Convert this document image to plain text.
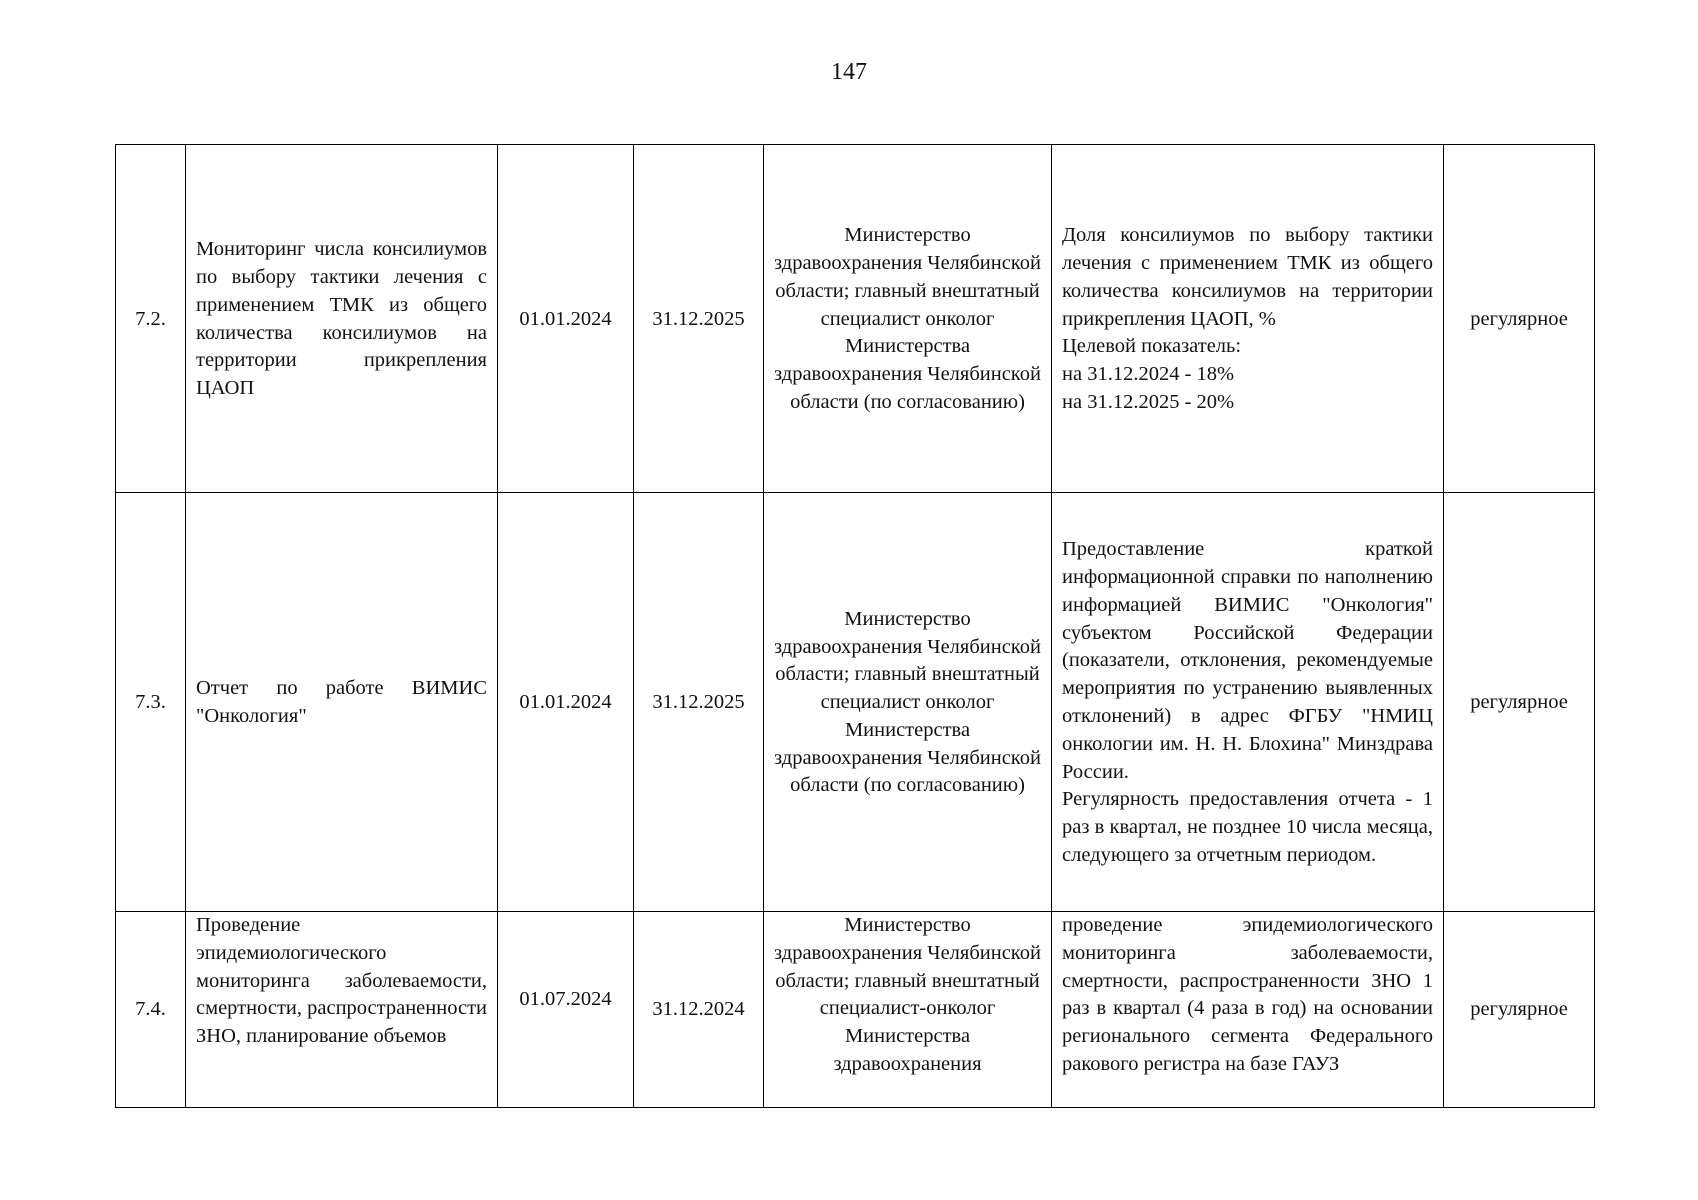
147
7.2.	Мониторинг числа консилиумов по выбору тактики лечения с применением ТМК из общего количества консилиумов на территории прикрепления ЦАОП	01.01.2024	31.12.2025	Министерство здравоохранения Челябинской области; главный внештатный специалист онколог Министерства здравоохранения Челябинской области (по согласованию)	Доля консилиумов по выбору тактики лечения с применением ТМК из общего количества консилиумов на территории прикрепления ЦАОП, %
Целевой показатель:
на 31.12.2024 - 18%
на 31.12.2025 - 20%	регулярное
7.3.	Отчет по работе ВИМИС "Онкология"	01.01.2024	31.12.2025	Министерство здравоохранения Челябинской области; главный внештатный специалист онколог Министерства здравоохранения Челябинской области (по согласованию)	Предоставление краткой информационной справки по наполнению информацией ВИМИС "Онкология" субъектом Российской Федерации (показатели, отклонения, рекомендуемые мероприятия по устранению выявленных отклонений) в адрес ФГБУ "НМИЦ онкологии им. Н. Н. Блохина" Минздрава России.
Регулярность предоставления отчета - 1 раз в квартал, не позднее 10 числа месяца, следующего за отчетным периодом.	регулярное
7.4.	Проведение эпидемиологического мониторинга заболеваемости, смертности, распространенности ЗНО, планирование объемов	01.07.2024	31.12.2024	Министерство здравоохранения Челябинской области; главный внештатный специалист-онколог Министерства здравоохранения	проведение эпидемиологического мониторинга заболеваемости, смертности, распространенности ЗНО 1 раз в квартал (4 раза в год) на основании регионального сегмента Федерального ракового регистра на базе ГАУЗ	регулярное
